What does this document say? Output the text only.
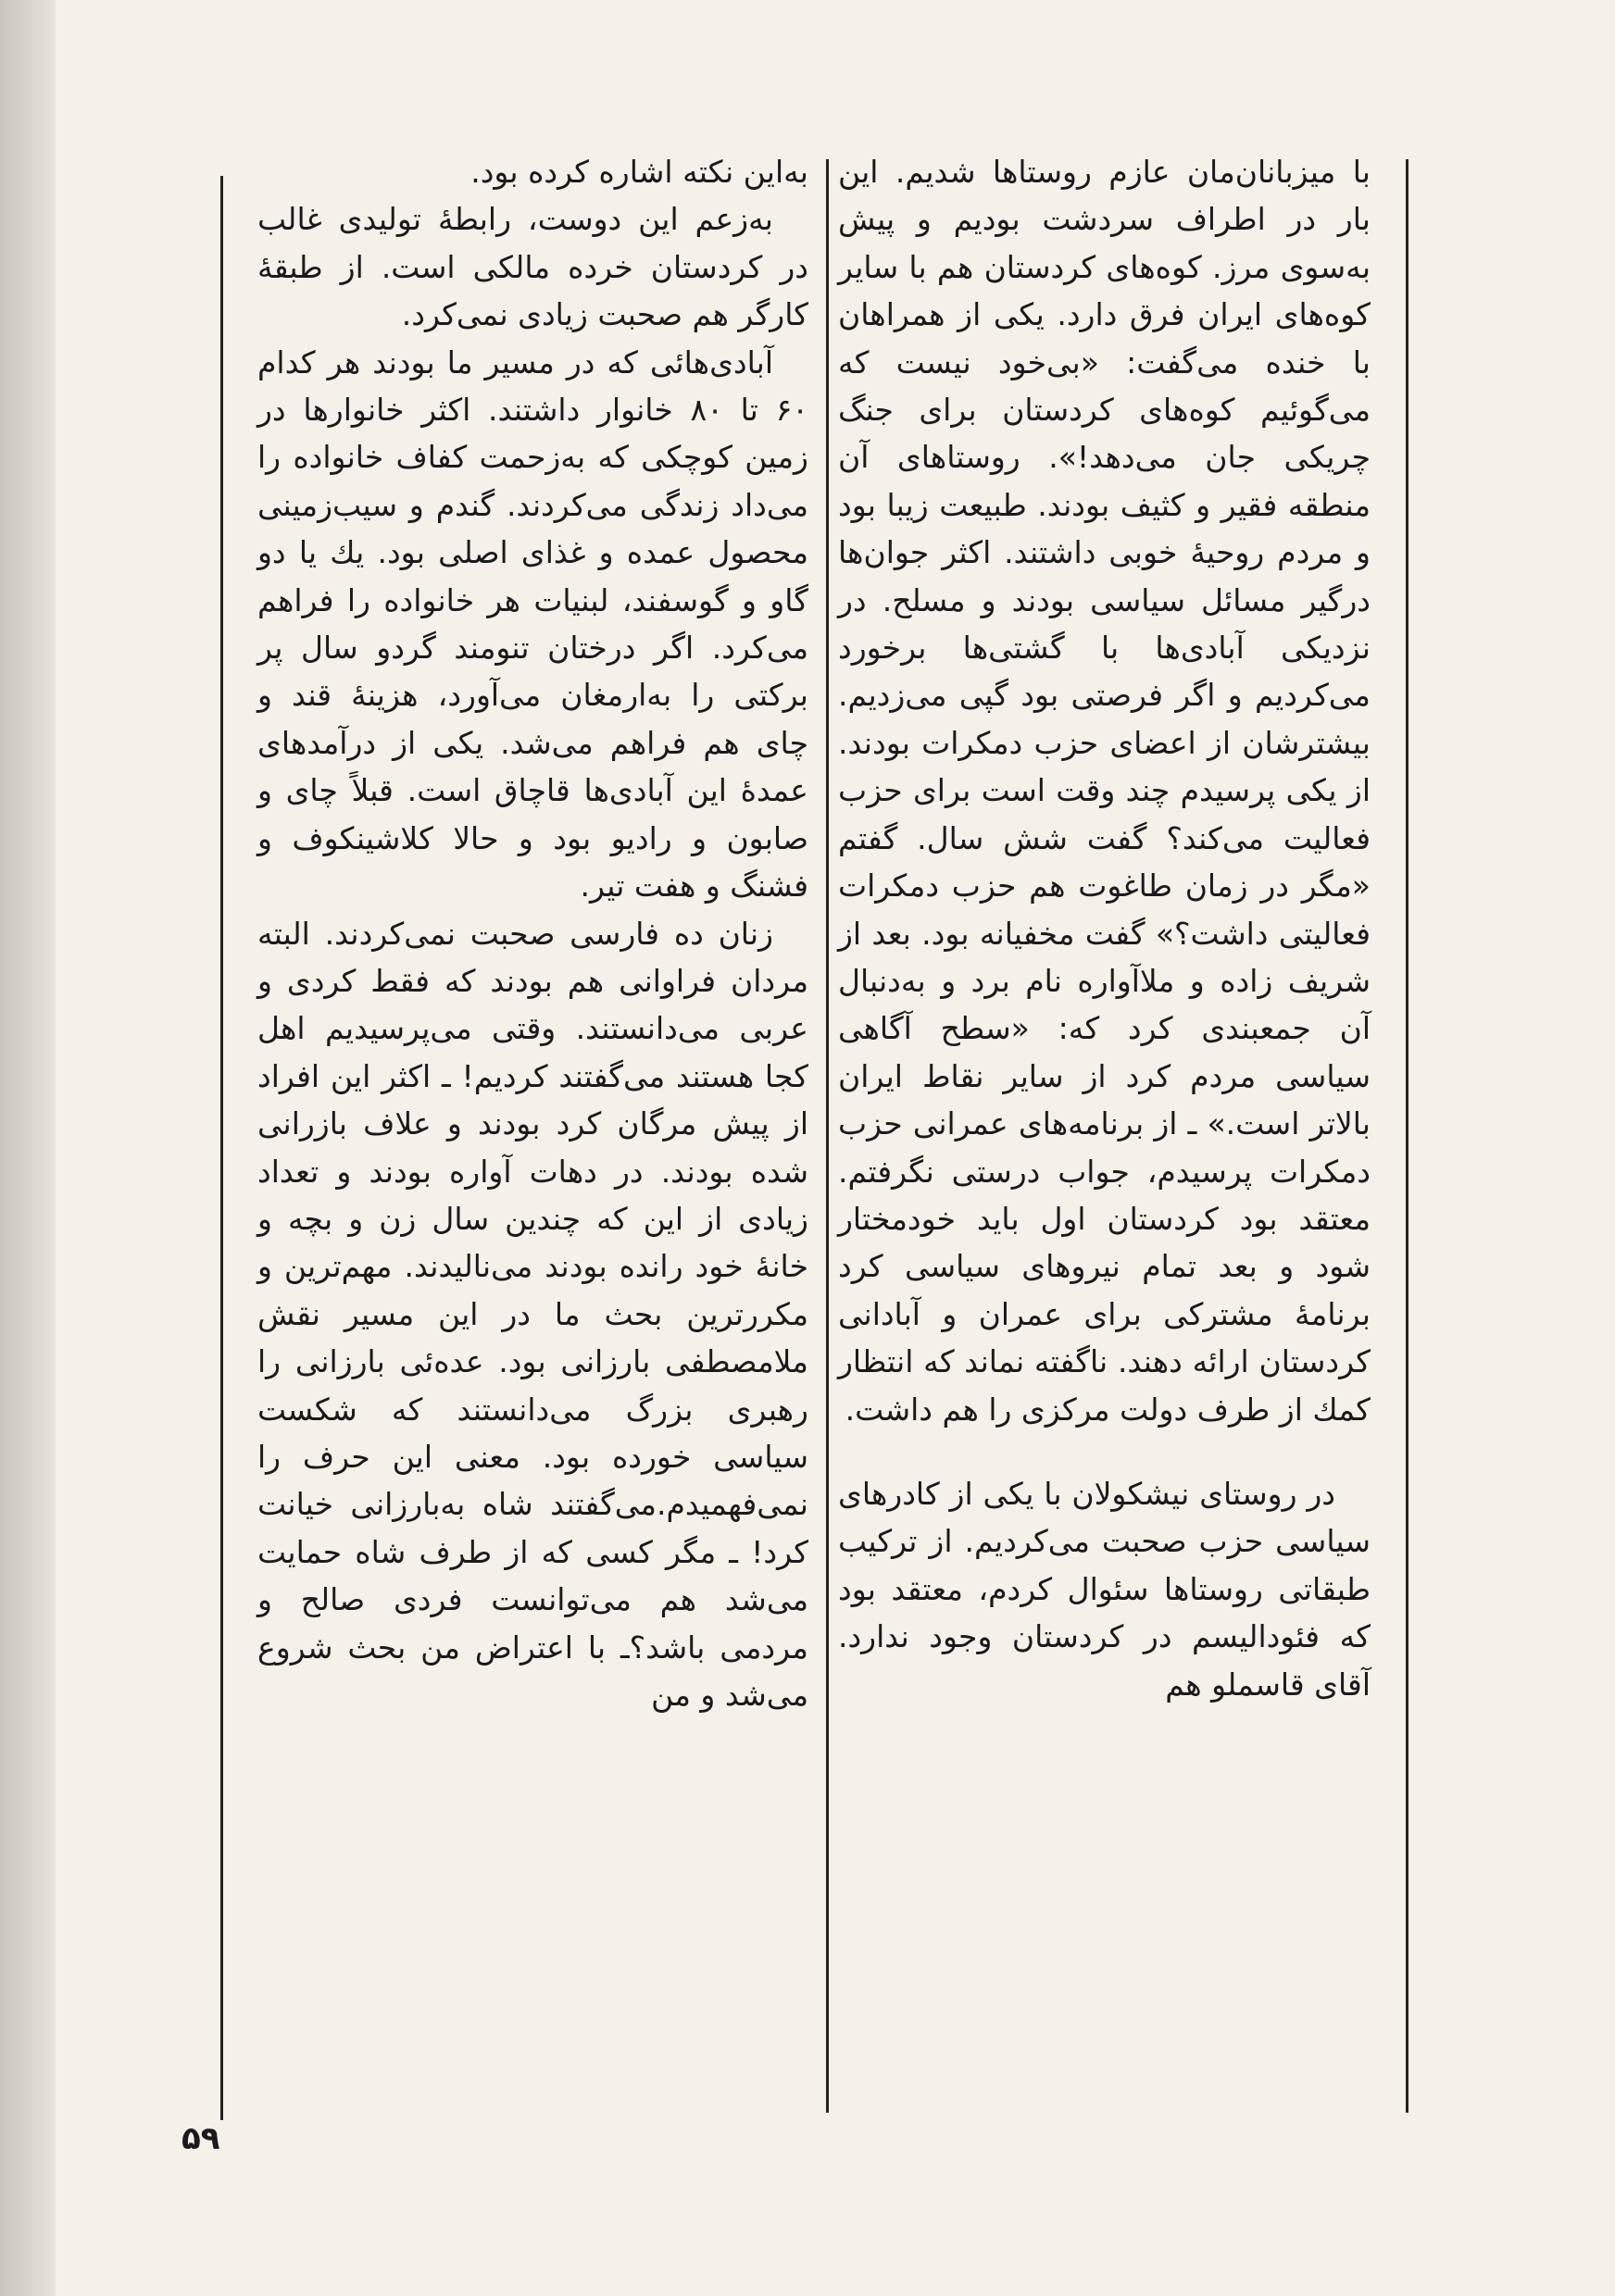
با میزبانان‌مان عازم روستاها شدیم. این بار در اطراف سردشت بودیم و پیش به‌سوی مرز. کوه‌های کردستان هم با سایر کوه‌های ایران فرق دارد. یکی از همراهان با خنده می‌گفت: «بی‌خود نیست که می‌گوئیم کوه‌های کردستان برای جنگ چریکی جان می‌دهد!». روستاهای آن منطقه فقیر و کثیف بودند. طبیعت زیبا بود و مردم روحیهٔ خوبی داشتند. اکثر جوان‌ها درگیر مسائل سیاسی بودند و مسلح. در نزدیکی آبادی‌ها با گشتی‌ها برخورد می‌کردیم و اگر فرصتی بود گپی می‌زدیم. بیشترشان از اعضای حزب دمکرات بودند. از یکی پرسیدم چند وقت است برای حزب فعالیت می‌کند؟ گفت شش سال. گفتم «مگر در زمان طاغوت هم حزب دمکرات فعالیتی داشت؟» گفت مخفیانه بود. بعد از شریف زاده و ملاآواره نام برد و به‌دنبال آن جمعبندی کرد که: «سطح آگاهی سیاسی مردم کرد از سایر نقاط ایران بالاتر است.» ـ از برنامه‌های عمرانی حزب دمکرات پرسیدم، جواب درستی نگرفتم. معتقد بود کردستان اول باید خودمختار شود و بعد تمام نیروهای سیاسی کرد برنامهٔ مشترکی برای عمران و آبادانی کردستان ارائه دهند. ناگفته نماند که انتظار کمك از طرف دولت مرکزی را هم داشت.

در روستای نیشکولان با یکی از کادرهای سیاسی حزب صحبت می‌کردیم. از ترکیب طبقاتی روستاها سئوال کردم، معتقد بود که فئودالیسم در کردستان وجود ندارد. آقای قاسملو هم

به‌این نکته اشاره کرده بود.

به‌زعم این دوست، رابطهٔ تولیدی غالب در کردستان خرده مالکی است. از طبقهٔ کارگر هم صحبت زیادی نمی‌کرد.

آبادی‌هائی که در مسیر ما بودند هر کدام ۶۰ تا ۸۰ خانوار داشتند. اکثر خانوارها در زمین کوچکی که به‌زحمت کفاف خانواده را می‌داد زندگی می‌کردند. گندم و سیب‌زمینی محصول عمده و غذای اصلی بود. یك یا دو گاو و گوسفند، لبنیات هر خانواده را فراهم می‌کرد. اگر درختان تنومند گردو سال پر برکتی را به‌ارمغان می‌آورد، هزینهٔ قند و چای هم فراهم می‌شد. یکی از درآمدهای عمدهٔ این آبادی‌ها قاچاق است. قبلاً چای و صابون و رادیو بود و حالا کلاشینکوف و فشنگ و هفت تیر.

زنان ده فارسی صحبت نمی‌کردند. البته مردان فراوانی هم بودند که فقط کردی و عربی می‌دانستند. وقتی می‌پرسیدیم اهل کجا هستند می‌گفتند کردیم! ـ اکثر این افراد از پیش مرگان کرد بودند و علاف بازرانی شده بودند. در دهات آواره بودند و تعداد زیادی از این که چندین سال زن و بچه و خانهٔ خود رانده بودند می‌نالیدند. مهم‌ترین و مکررترین بحث ما در این مسیر نقش ملامصطفی بارزانی بود. عده‌ئی بارزانی را رهبری بزرگ می‌دانستند که شکست سیاسی خورده بود. معنی این حرف را نمی‌فهمیدم.می‌گفتند شاه به‌بارزانی خیانت کرد! ـ مگر کسی که از طرف شاه حمایت می‌شد هم می‌توانست فردی صالح و مردمی باشد؟ـ با اعتراض من بحث شروع می‌شد و من

۵۹
